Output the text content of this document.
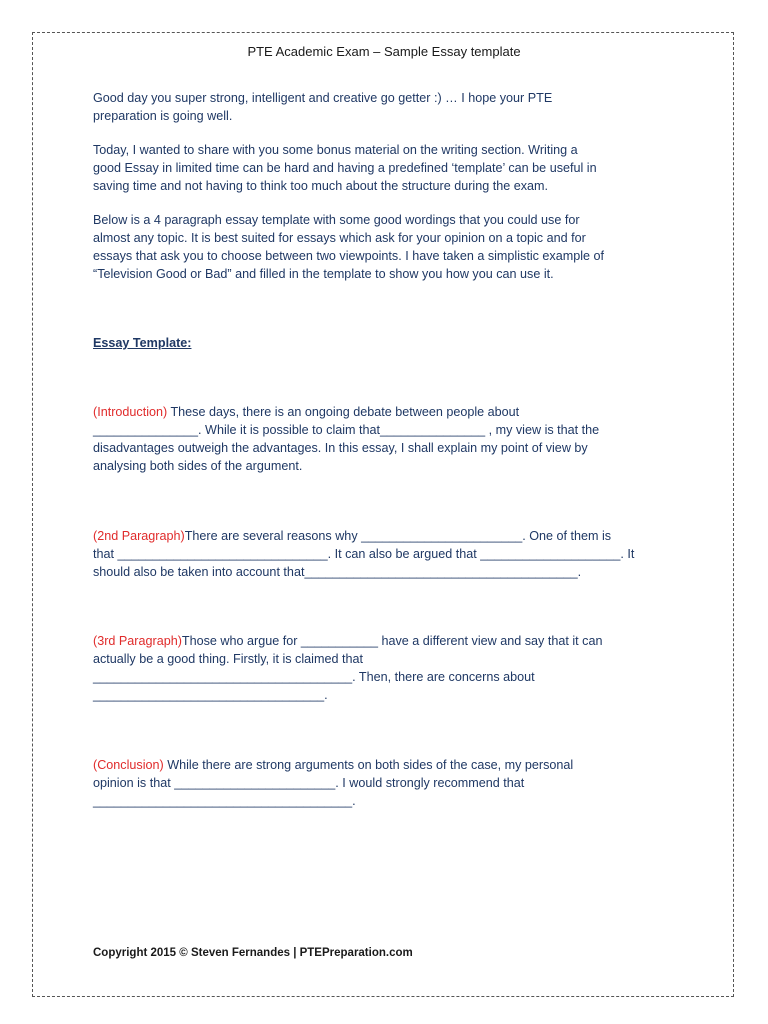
PTE Academic Exam – Sample Essay template
Good day you super strong, intelligent and creative go getter :) … I hope your PTE
preparation is going well.
Today, I wanted to share with you some bonus material on the writing section. Writing a
good Essay in limited time can be hard and having a predefined ‘template’ can be useful in
saving time and not having to think too much about the structure during the exam.
Below is a 4 paragraph essay template with some good wordings that you could use for
almost any topic. It is best suited for essays which ask for your opinion on a topic and for
essays that ask you to choose between two viewpoints. I have taken a simplistic example of
“Television Good or Bad” and filled in the template to show you how you can use it.
Essay Template:
(Introduction) These days, there is an ongoing debate between people about
_______________. While it is possible to claim that_______________ , my view is that the
disadvantages outweigh the advantages. In this essay, I shall explain my point of view by
analysing both sides of the argument.
(2nd Paragraph)There are several reasons why _______________________. One of them is
that ______________________________. It can also be argued that ____________________. It
should also be taken into account that_______________________________________.
(3rd Paragraph)Those who argue for ___________ have a different view and say that it can
actually be a good thing. Firstly, it is claimed that
_____________________________________. Then, there are concerns about
_________________________________.
(Conclusion) While there are strong arguments on both sides of the case, my personal
opinion is that _______________________. I would strongly recommend that
_____________________________________.
Copyright 2015 © Steven Fernandes | PTEPreparation.com
